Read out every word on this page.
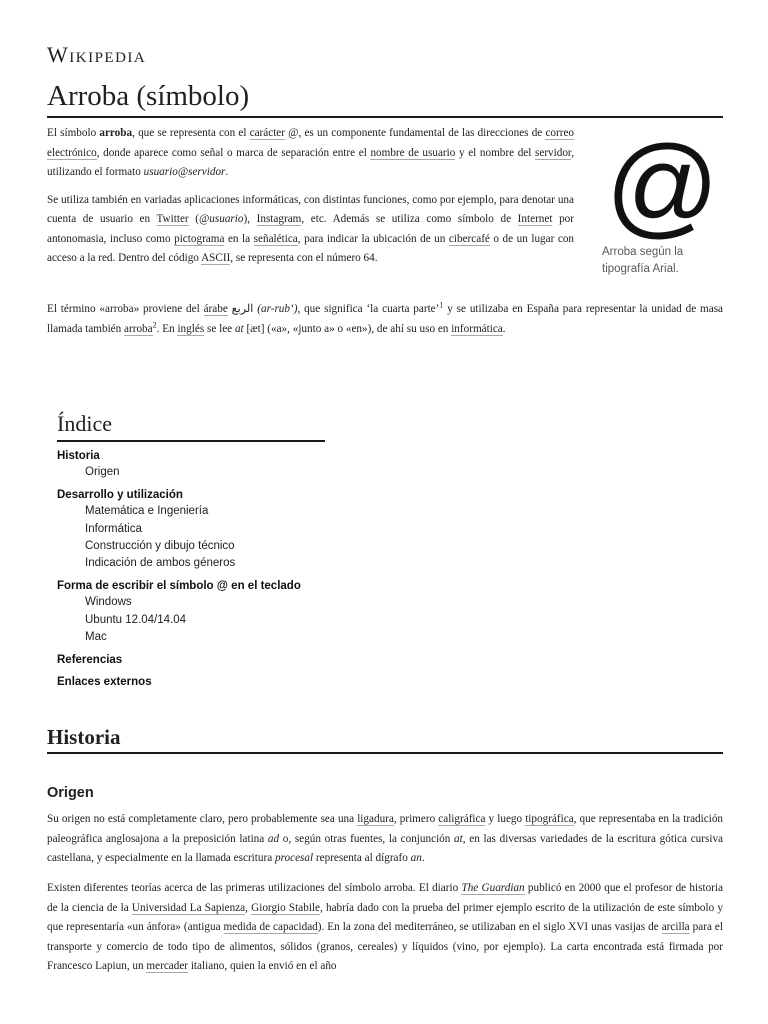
Wikipedia
Arroba (símbolo)

El símbolo arroba, que se representa con el carácter @, es un componente fundamental de las direcciones de correo electrónico, donde aparece como señal o marca de separación entre el nombre de usuario y el nombre del servidor, utilizando el formato usuario@servidor.

Se utiliza también en variadas aplicaciones informáticas, con distintas funciones, como por ejemplo, para denotar una cuenta de usuario en Twitter (@usuario), Instagram, etc. Además se utiliza como símbolo de Internet por antonomasia, incluso como pictograma en la señalética, para indicar la ubicación de un cibercafé o de un lugar con acceso a la red. Dentro del código ASCII, se representa con el número 64.

@
Arroba según la tipografía Arial.

El término «arroba» proviene del árabe الربع (ar-rub‘), que significa ‘la cuarta parte’$^1$ y se utilizaba en España para representar la unidad de masa llamada también arroba$^2$. En inglés se lee at [æt] («a», «junto a» o «en»), de ahí su uso en informática.

Índice
Historia
Origen
Desarrollo y utilización
Matemática e Ingeniería
Informática
Construcción y dibujo técnico
Indicación de ambos géneros
Forma de escribir el símbolo @ en el teclado
Windows
Ubuntu 12.04/14.04
Mac
Referencias
Enlaces externos
Historia
Origen

Su origen no está completamente claro, pero probablemente sea una ligadura, primero caligráfica y luego tipográfica, que representaba en la tradición paleográfica anglosajona a la preposición latina ad o, según otras fuentes, la conjunción at, en las diversas variedades de la escritura gótica cursiva castellana, y especialmente en la llamada escritura procesal representa al dígrafo an.

Existen diferentes teorías acerca de las primeras utilizaciones del símbolo arroba. El diario The Guardian publicó en 2000 que el profesor de historia de la ciencia de la Universidad La Sapienza, Giorgio Stabile, habría dado con la prueba del primer ejemplo escrito de la utilización de este símbolo y que representaría «un ánfora» (antigua medida de capacidad). En la zona del mediterráneo, se utilizaban en el siglo XVI unas vasijas de arcilla para el transporte y comercio de todo tipo de alimentos, sólidos (granos, cereales) y líquidos (vino, por ejemplo). La carta encontrada está firmada por Francesco Lapiun, un mercader italiano, quien la envió en el año
